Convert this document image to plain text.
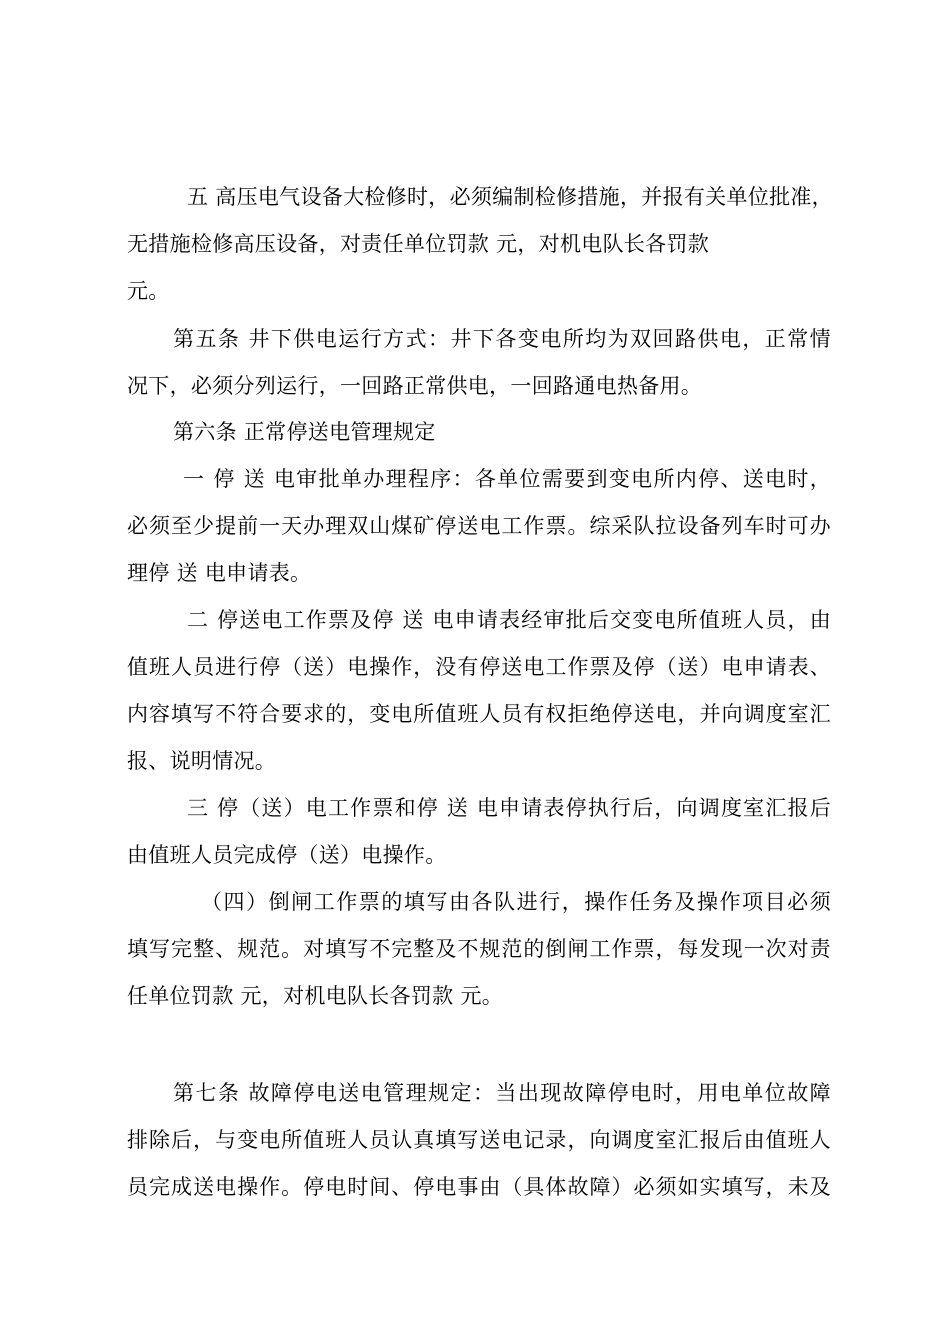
五 高压电气设备大检修时，必须编制检修措施，并报有关单位批准，
无措施检修高压设备，对责任单位罚款 元，对机电队长各罚款
元。
第五条 井下供电运行方式：井下各变电所均为双回路供电，正常情
况下，必须分列运行，一回路正常供电，一回路通电热备用。
第六条 正常停送电管理规定
一 停 送 电审批单办理程序：各单位需要到变电所内停、送电时，
必须至少提前一天办理双山煤矿停送电工作票。综采队拉设备列车时可办
理停 送 电申请表。
二 停送电工作票及停 送 电申请表经审批后交变电所值班人员，由
值班人员进行停（送）电操作，没有停送电工作票及停（送）电申请表、
内容填写不符合要求的，变电所值班人员有权拒绝停送电，并向调度室汇
报、说明情况。
三 停（送）电工作票和停 送 电申请表停执行后，向调度室汇报后
由值班人员完成停（送）电操作。
（四）倒闸工作票的填写由各队进行，操作任务及操作项目必须
填写完整、规范。对填写不完整及不规范的倒闸工作票，每发现一次对责
任单位罚款 元，对机电队长各罚款 元。
第七条 故障停电送电管理规定：当出现故障停电时，用电单位故障
排除后，与变电所值班人员认真填写送电记录，向调度室汇报后由值班人
员完成送电操作。停电时间、停电事由（具体故障）必须如实填写，未及
